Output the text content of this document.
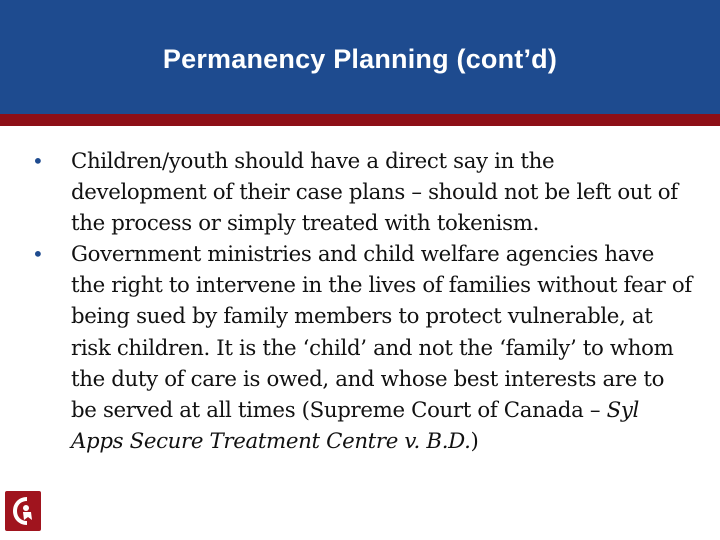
Permanency Planning (cont’d)
• Children/youth should have a direct say in the development of their case plans – should not be left out of the process or simply treated with tokenism.
• Government ministries and child welfare agencies have the right to intervene in the lives of families without fear of being sued by family members to protect vulnerable, at risk children. It is the ‘child’ and not the ‘family’ to whom the duty of care is owed, and whose best interests are to be served at all times (Supreme Court of Canada – Syl Apps Secure Treatment Centre v. B.D.)
